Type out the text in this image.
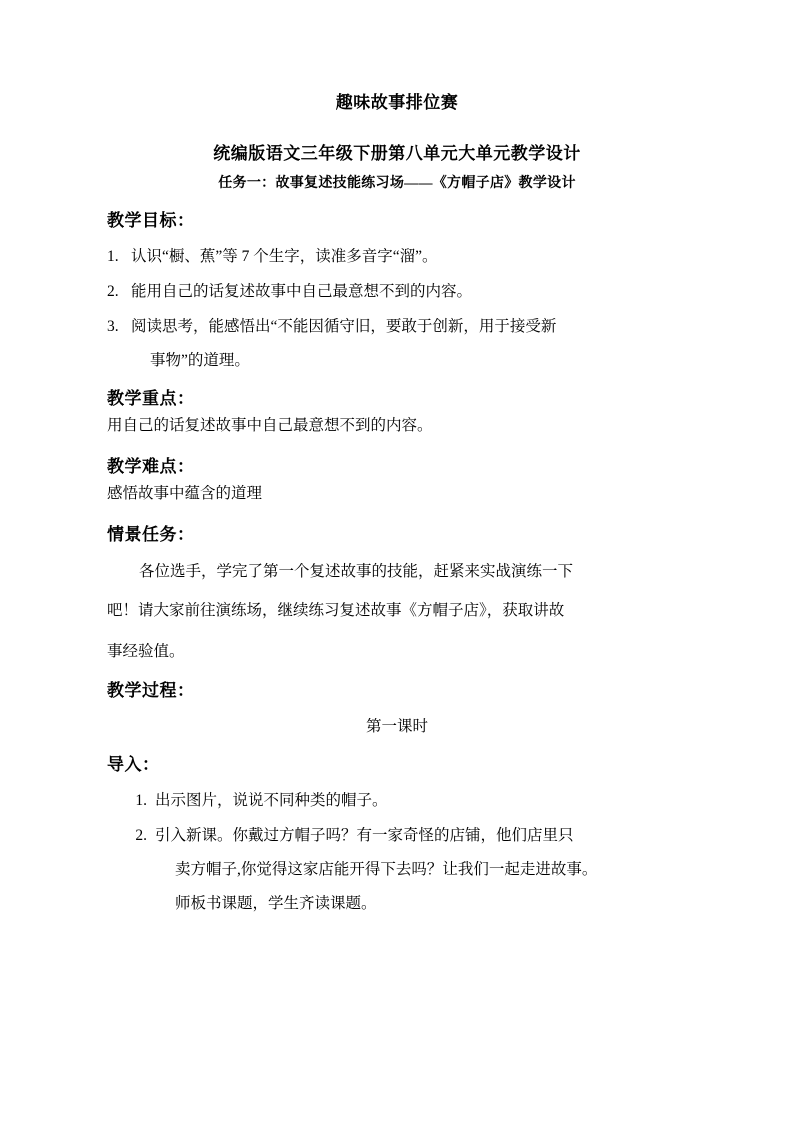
趣味故事排位赛
统编版语文三年级下册第八单元大单元教学设计
任务一：故事复述技能练习场——《方帽子店》教学设计
教学目标：
1. 认识“橱、蕉”等 7 个生字，读准多音字“溜”。
2. 能用自己的话复述故事中自己最意想不到的内容。
3. 阅读思考，能感悟出“不能因循守旧，要敢于创新，用于接受新
事物”的道理。
教学重点：
用自己的话复述故事中自己最意想不到的内容。
教学难点：
感悟故事中蕴含的道理
情景任务：
各位选手，学完了第一个复述故事的技能，赶紧来实战演练一下
吧！请大家前往演练场，继续练习复述故事《方帽子店》，获取讲故
事经验值。
教学过程：
第一课时
导入：
1. 出示图片，说说不同种类的帽子。
2. 引入新课。你戴过方帽子吗？有一家奇怪的店铺，他们店里只
卖方帽子,你觉得这家店能开得下去吗？让我们一起走进故事。
师板书课题，学生齐读课题。
